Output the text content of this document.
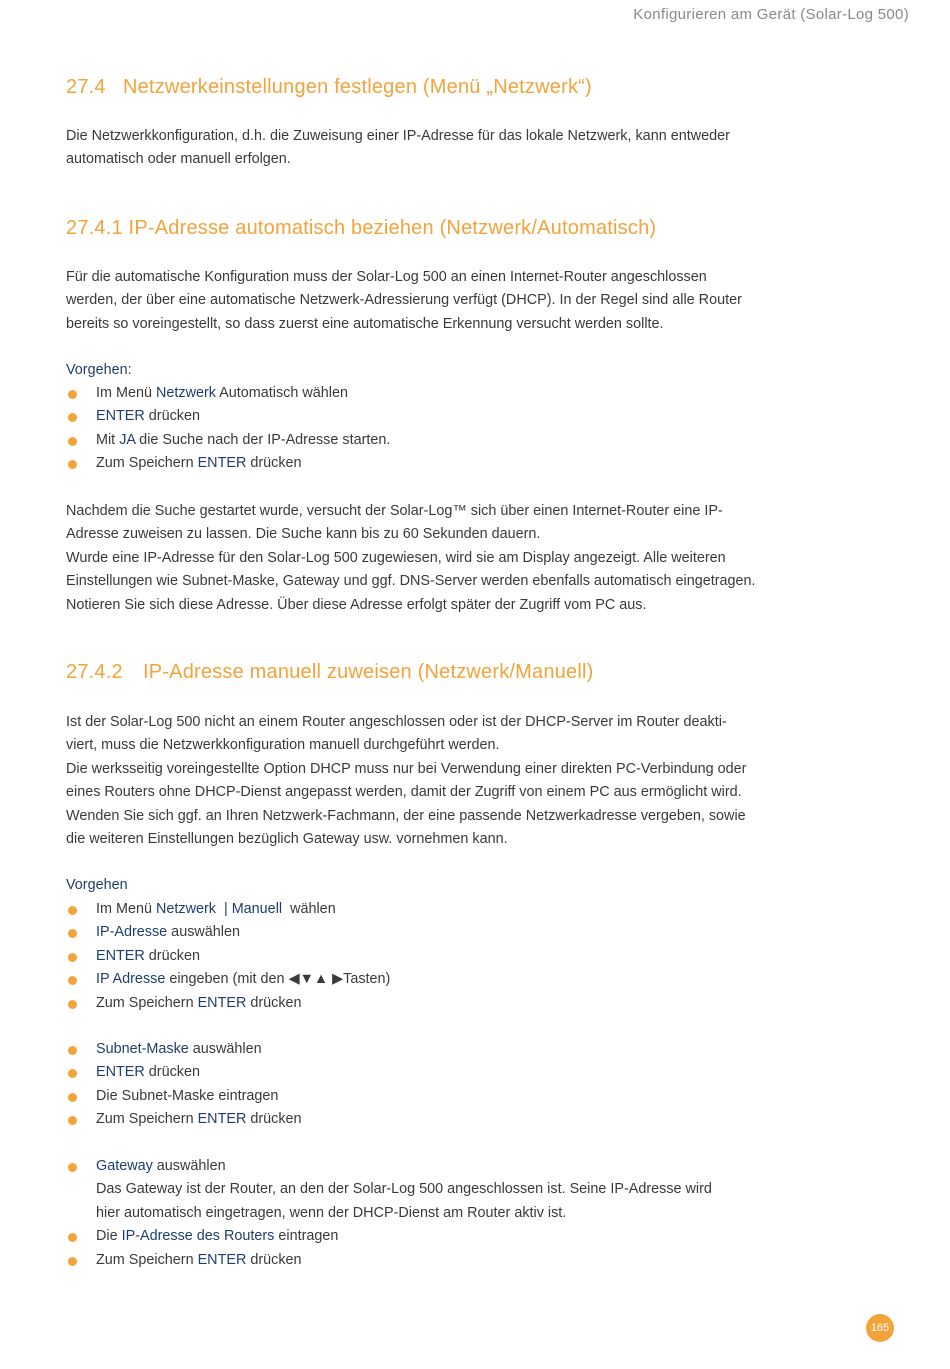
Konfigurieren am Gerät (Solar-Log 500)
27.4 Netzwerkeinstellungen festlegen (Menü „Netzwerk“)

Die Netzwerkkonfiguration, d.h. die Zuweisung einer IP-Adresse für das lokale Netzwerk, kann entweder
automatisch oder manuell erfolgen.

27.4.1 IP-Adresse automatisch beziehen (Netzwerk/Automatisch)

Für die automatische Konfiguration muss der Solar-Log 500 an einen Internet-Router angeschlossen
werden, der über eine automatische Netzwerk-Adressierung verfügt (DHCP). In der Regel sind alle Router
bereits so voreingestellt, so dass zuerst eine automatische Erkennung versucht werden sollte.

Vorgehen:

Im Menü Netzwerk Automatisch wählen
ENTER drücken
Mit JA die Suche nach der IP-Adresse starten.
Zum Speichern ENTER drücken

Nachdem die Suche gestartet wurde, versucht der Solar-Log™ sich über einen Internet-Router eine IP-
Adresse zuweisen zu lassen. Die Suche kann bis zu 60 Sekunden dauern.
Wurde eine IP-Adresse für den Solar-Log 500 zugewiesen, wird sie am Display angezeigt. Alle weiteren
Einstellungen wie Subnet-Maske, Gateway und ggf. DNS-Server werden ebenfalls automatisch eingetragen.
Notieren Sie sich diese Adresse. Über diese Adresse erfolgt später der Zugriff vom PC aus.

27.4.2 IP-Adresse manuell zuweisen (Netzwerk/Manuell)

Ist der Solar-Log 500 nicht an einem Router angeschlossen oder ist der DHCP-Server im Router deakti-
viert, muss die Netzwerkkonfiguration manuell durchgeführt werden.
Die werksseitig voreingestellte Option DHCP muss nur bei Verwendung einer direkten PC-Verbindung oder
eines Routers ohne DHCP-Dienst angepasst werden, damit der Zugriff von einem PC aus ermöglicht wird.
Wenden Sie sich ggf. an Ihren Netzwerk-Fachmann, der eine passende Netzwerkadresse vergeben, sowie
die weiteren Einstellungen bezüglich Gateway usw. vornehmen kann.

Vorgehen

Im Menü Netzwerk  | Manuell  wählen
IP-Adresse auswählen
ENTER drücken
IP Adresse eingeben (mit den ◀▼▲ ▶Tasten)
Zum Speichern ENTER drücken
Subnet-Maske auswählen
ENTER drücken
Die Subnet-Maske eintragen
Zum Speichern ENTER drücken
Gateway auswählen
Das Gateway ist der Router, an den der Solar-Log 500 angeschlossen ist. Seine IP-Adresse wird
hier automatisch eingetragen, wenn der DHCP-Dienst am Router aktiv ist.
Die IP-Adresse des Routers eintragen
Zum Speichern ENTER drücken
165
